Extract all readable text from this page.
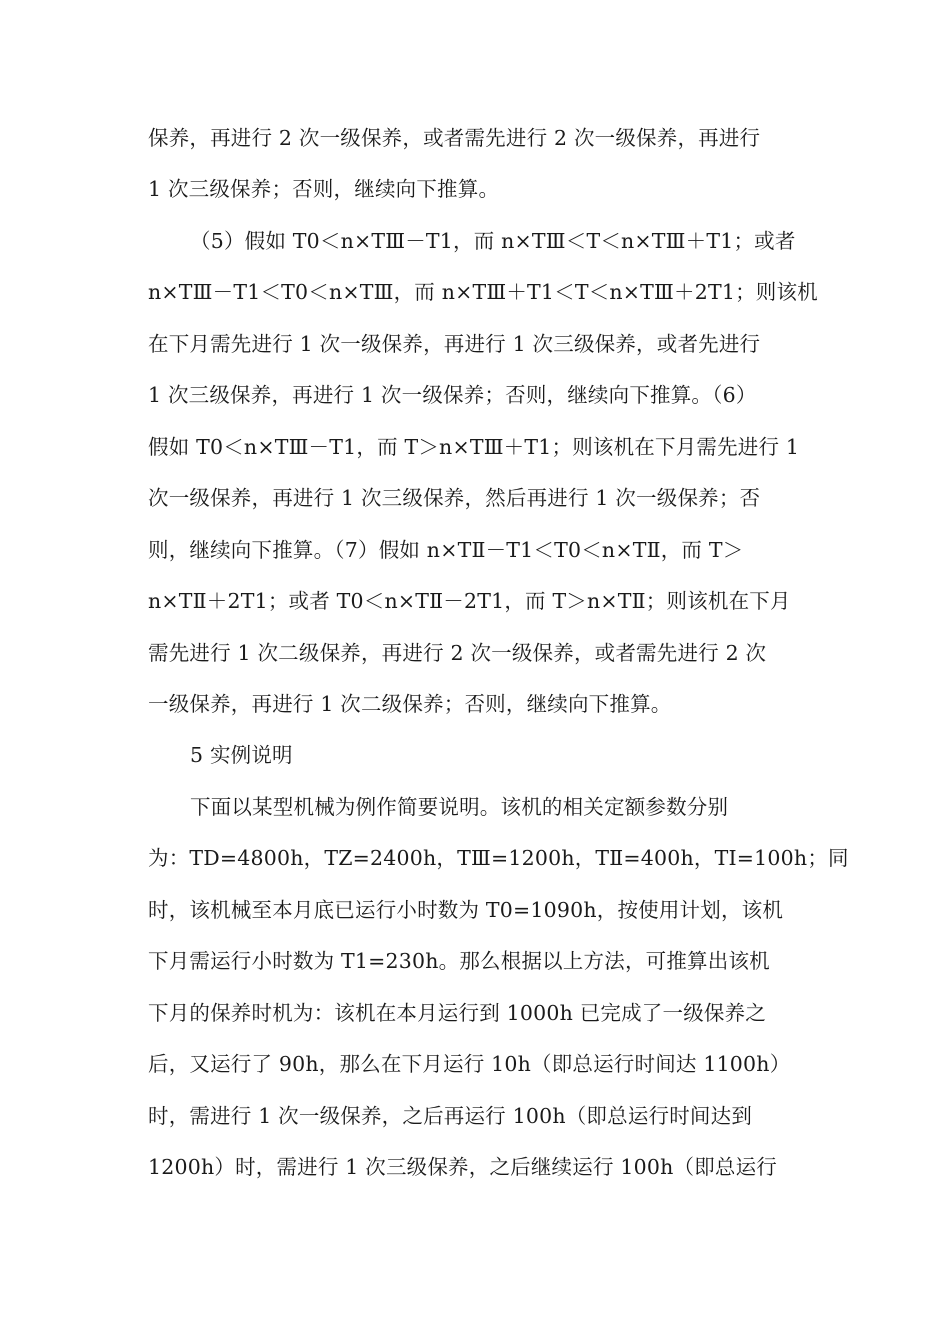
保养，再进行 2 次一级保养，或者需先进行 2 次一级保养，再进行
1 次三级保养；否则，继续向下推算。
（5）假如 T0＜n×TⅢ－T1，而 n×TⅢ＜T＜n×TⅢ＋T1；或者
n×TⅢ－T1＜T0＜n×TⅢ，而 n×TⅢ＋T1＜T＜n×TⅢ＋2T1；则该机
在下月需先进行 1 次一级保养，再进行 1 次三级保养，或者先进行
1 次三级保养，再进行 1 次一级保养；否则，继续向下推算。（6）
假如 T0＜n×TⅢ－T1，而 T＞n×TⅢ＋T1；则该机在下月需先进行 1
次一级保养，再进行 1 次三级保养，然后再进行 1 次一级保养；否
则，继续向下推算。（7）假如 n×TⅡ－T1＜T0＜n×TⅡ，而 T＞
n×TⅡ＋2T1；或者 T0＜n×TⅡ－2T1，而 T＞n×TⅡ；则该机在下月
需先进行 1 次二级保养，再进行 2 次一级保养，或者需先进行 2 次
一级保养，再进行 1 次二级保养；否则，继续向下推算。
5 实例说明
下面以某型机械为例作简要说明。该机的相关定额参数分别
为：TD=4800h，TZ=2400h，TⅢ=1200h，TⅡ=400h，TⅠ=100h；同
时，该机械至本月底已运行小时数为 T0=1090h，按使用计划，该机
下月需运行小时数为 T1=230h。那么根据以上方法，可推算出该机
下月的保养时机为：该机在本月运行到 1000h 已完成了一级保养之
后，又运行了 90h，那么在下月运行 10h（即总运行时间达 1100h）
时，需进行 1 次一级保养，之后再运行 100h（即总运行时间达到
1200h）时，需进行 1 次三级保养，之后继续运行 100h（即总运行
